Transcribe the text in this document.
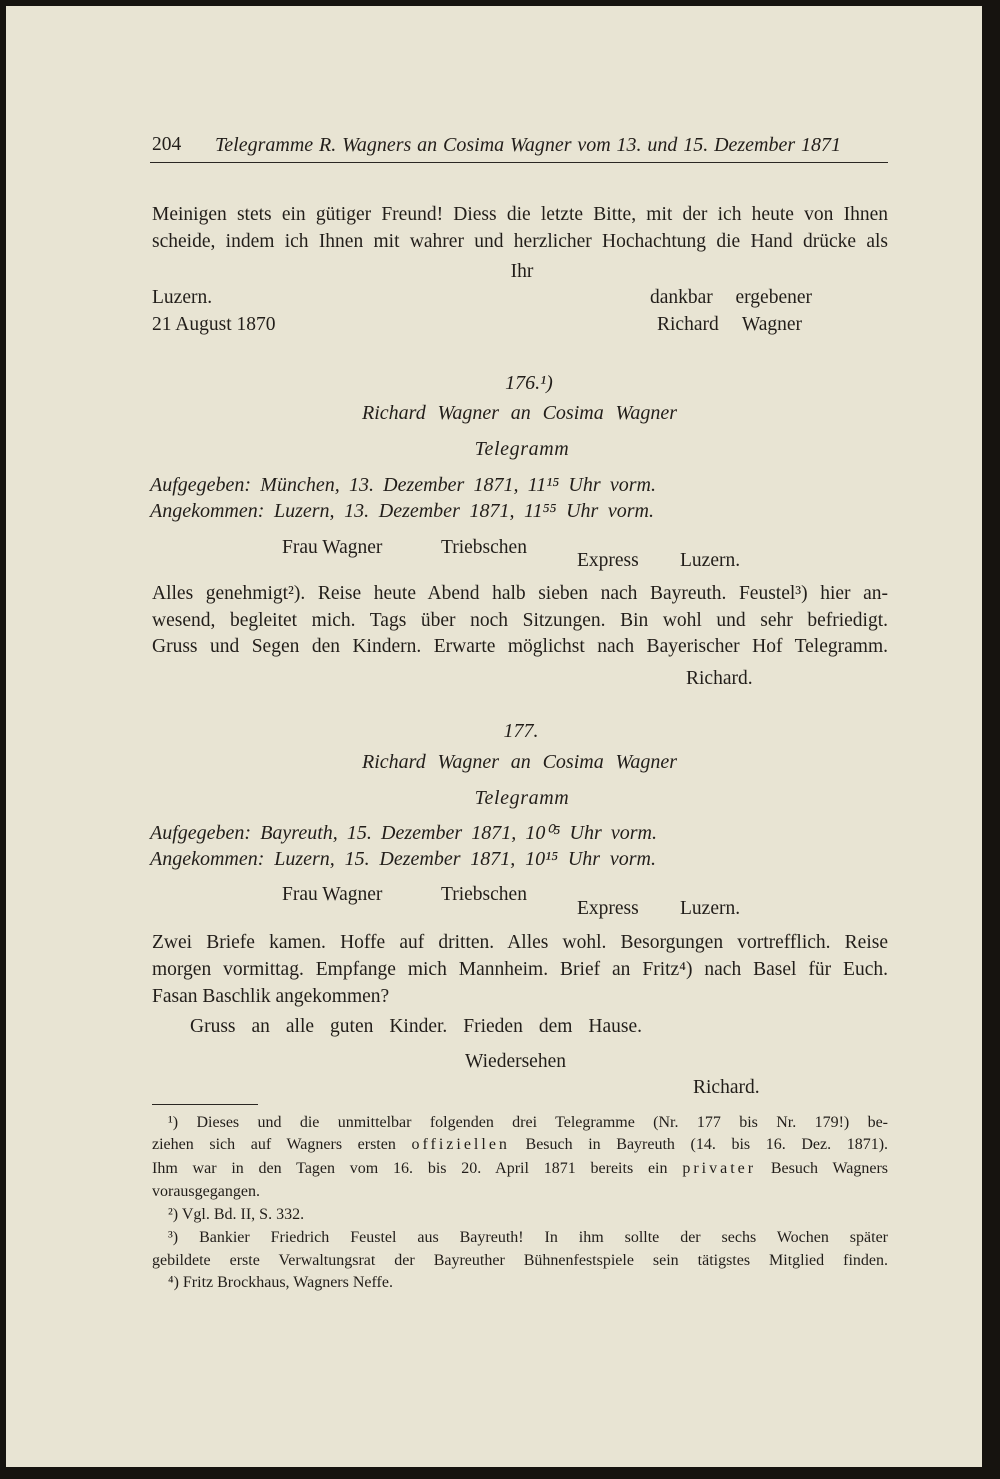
204 Telegramme R. Wagners an Cosima Wagner vom 13. und 15. Dezember 1871
Meinigen stets ein gütiger Freund! Diess die letzte Bitte, mit der ich heute von Ihnen
scheide, indem ich Ihnen mit wahrer und herzlicher Hochachtung die Hand drücke als
Ihr
Luzern.	dankbar ergebener
21 August 1870	Richard Wagner
176.¹)
Richard Wagner an Cosima Wagner
Telegramm
Aufgegeben: München, 13. Dezember 1871, 11¹⁵ Uhr vorm.
Angekommen: Luzern, 13. Dezember 1871, 11⁵⁵ Uhr vorm.
Frau Wagner	Triebschen
Express Luzern.
Alles genehmigt²). Reise heute Abend halb sieben nach Bayreuth. Feustel³) hier an-
wesend, begleitet mich. Tags über noch Sitzungen. Bin wohl und sehr befriedigt.
Gruss und Segen den Kindern. Erwarte möglichst nach Bayerischer Hof Telegramm.
Richard.
177.
Richard Wagner an Cosima Wagner
Telegramm
Aufgegeben: Bayreuth, 15. Dezember 1871, 10⁰⁵ Uhr vorm.
Angekommen: Luzern, 15. Dezember 1871, 10¹⁵ Uhr vorm.
Frau Wagner	Triebschen
Express Luzern.
Zwei Briefe kamen. Hoffe auf dritten. Alles wohl. Besorgungen vortrefflich. Reise
morgen vormittag. Empfange mich Mannheim. Brief an Fritz⁴) nach Basel für Euch.
Fasan Baschlik angekommen?
Gruss an alle guten Kinder. Frieden dem Hause.
Wiedersehen
Richard.
¹) Dieses und die unmittelbar folgenden drei Telegramme (Nr. 177 bis Nr. 179!) be-
ziehen sich auf Wagners ersten offiziellen Besuch in Bayreuth (14. bis 16. Dez. 1871).
Ihm war in den Tagen vom 16. bis 20. April 1871 bereits ein privater Besuch Wagners
vorausgegangen.
²) Vgl. Bd. II, S. 332.
³) Bankier Friedrich Feustel aus Bayreuth! In ihm sollte der sechs Wochen später
gebildete erste Verwaltungsrat der Bayreuther Bühnenfestspiele sein tätigstes Mitglied finden.
⁴) Fritz Brockhaus, Wagners Neffe.
